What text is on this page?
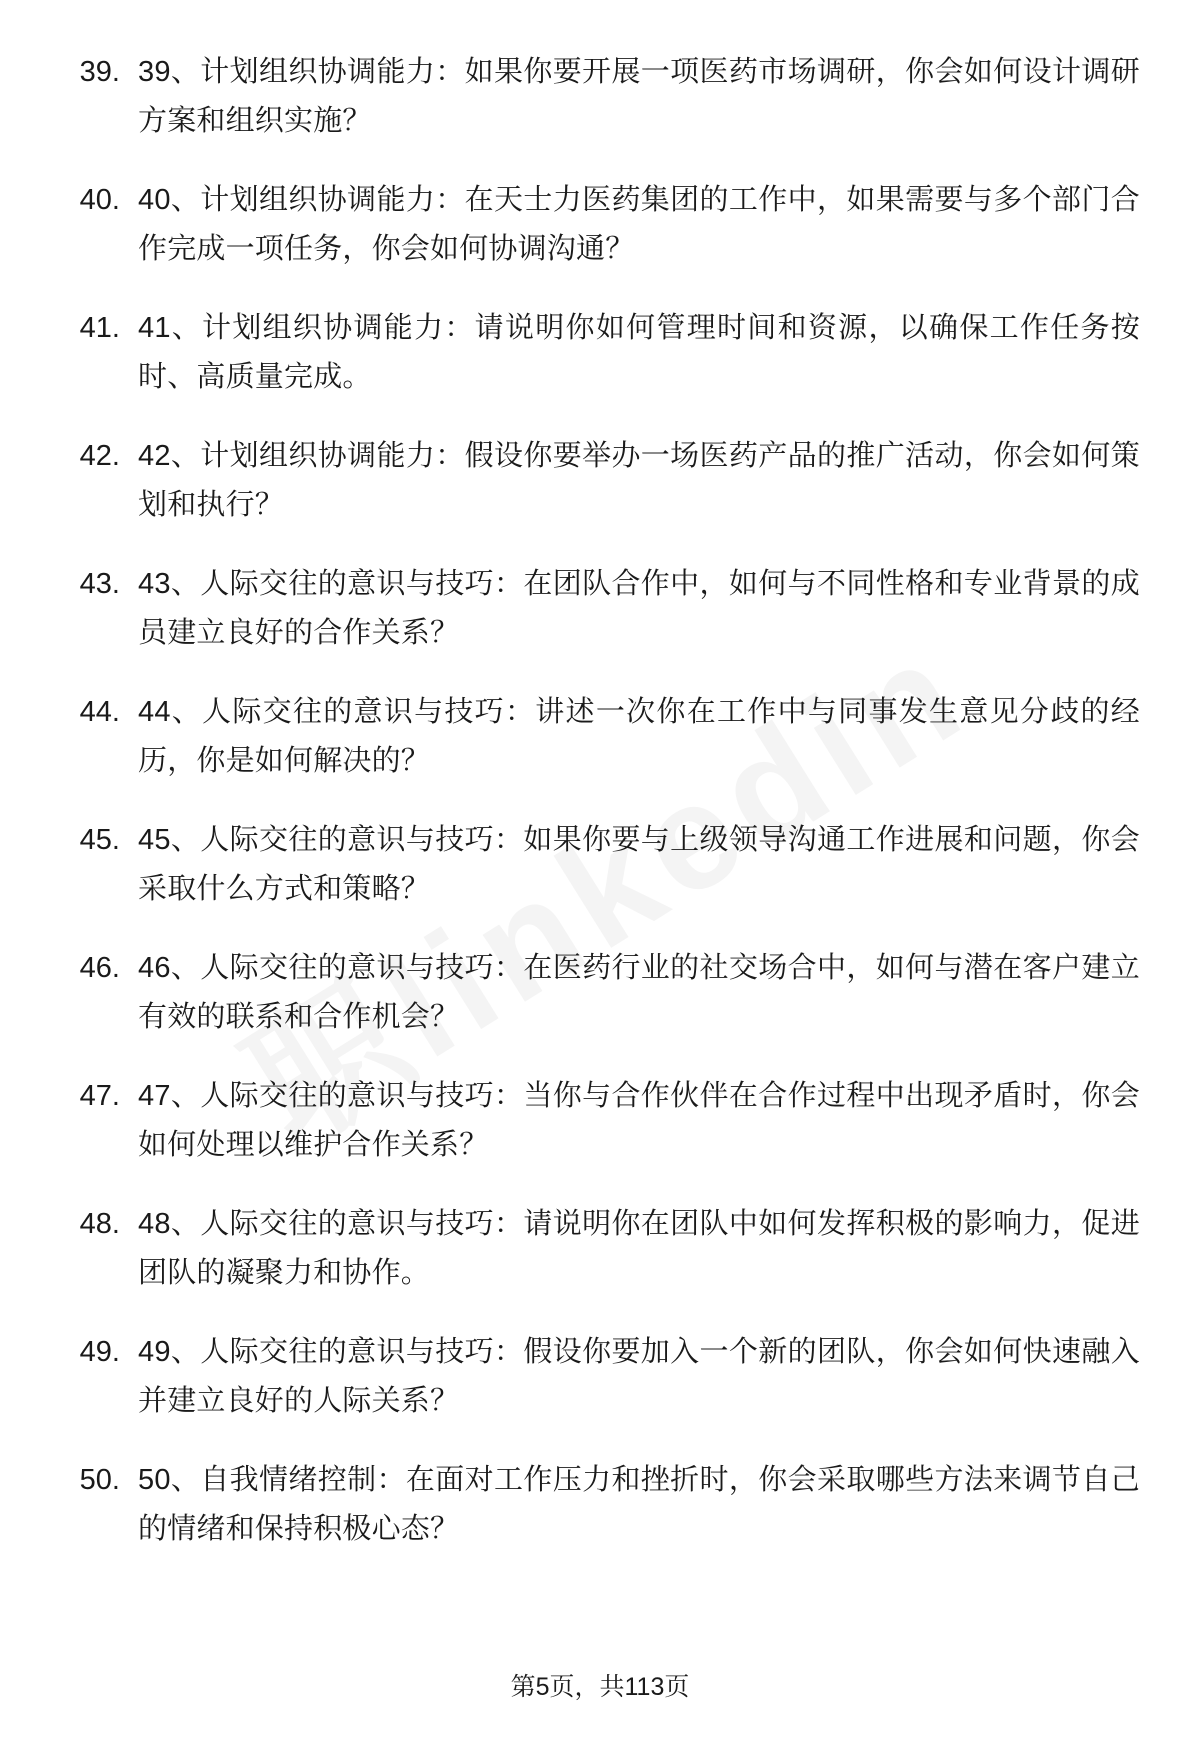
39. 39、计划组织协调能力：如果你要开展一项医药市场调研，你会如何设计调研方案和组织实施？
40. 40、计划组织协调能力：在天士力医药集团的工作中，如果需要与多个部门合作完成一项任务，你会如何协调沟通？
41. 41、计划组织协调能力：请说明你如何管理时间和资源，以确保工作任务按时、高质量完成。
42. 42、计划组织协调能力：假设你要举办一场医药产品的推广活动，你会如何策划和执行？
43. 43、人际交往的意识与技巧：在团队合作中，如何与不同性格和专业背景的成员建立良好的合作关系？
44. 44、人际交往的意识与技巧：讲述一次你在工作中与同事发生意见分歧的经历，你是如何解决的？
45. 45、人际交往的意识与技巧：如果你要与上级领导沟通工作进展和问题，你会采取什么方式和策略？
46. 46、人际交往的意识与技巧：在医药行业的社交场合中，如何与潜在客户建立有效的联系和合作机会？
47. 47、人际交往的意识与技巧：当你与合作伙伴在合作过程中出现矛盾时，你会如何处理以维护合作关系？
48. 48、人际交往的意识与技巧：请说明你在团队中如何发挥积极的影响力，促进团队的凝聚力和协作。
49. 49、人际交往的意识与技巧：假设你要加入一个新的团队，你会如何快速融入并建立良好的人际关系？
50. 50、自我情绪控制：在面对工作压力和挫折时，你会采取哪些方法来调节自己的情绪和保持积极心态？
第5页，共113页
